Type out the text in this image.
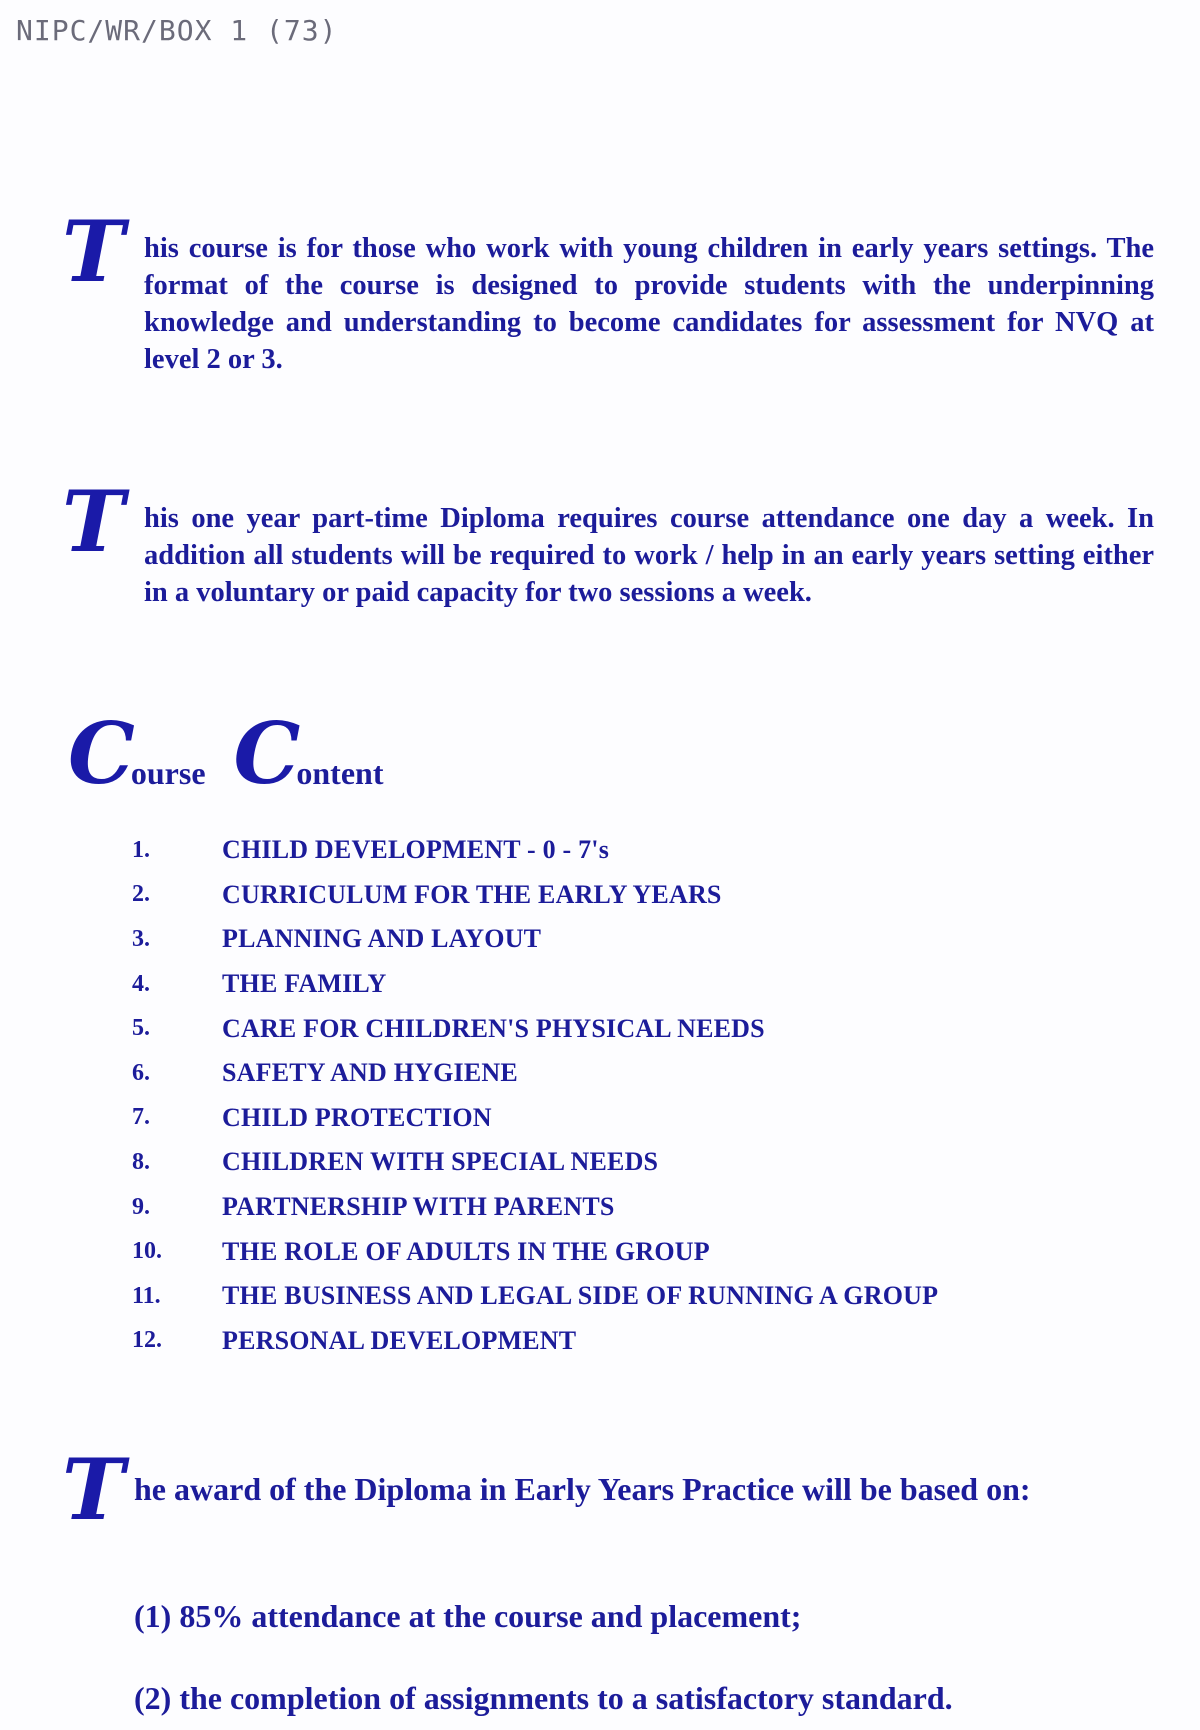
NIPC/WR/BOX 1 (73)
T his course is for those who work with young children in early years settings. The format of the course is designed to provide students with the underpinning knowledge and understanding to become candidates for assessment for NVQ at level 2 or 3.
T his one year part-time Diploma requires course attendance one day a week. In addition all students will be required to work / help in an early years setting either in a voluntary or paid capacity for two sessions a week.
C
ourse C
ontent
1.	CHILD DEVELOPMENT - 0 - 7's
2.	CURRICULUM FOR THE EARLY YEARS
3.	PLANNING AND LAYOUT
4.	THE FAMILY
5.	CARE FOR CHILDREN'S PHYSICAL NEEDS
6.	SAFETY AND HYGIENE
7.	CHILD PROTECTION
8.	CHILDREN WITH SPECIAL NEEDS
9.	PARTNERSHIP WITH PARENTS
10.	THE ROLE OF ADULTS IN THE GROUP
11.	THE BUSINESS AND LEGAL SIDE OF RUNNING A GROUP
12.	PERSONAL DEVELOPMENT
T he award of the Diploma in Early Years Practice will be based on:
(1) 85% attendance at the course and placement;
(2) the completion of assignments to a satisfactory standard.
